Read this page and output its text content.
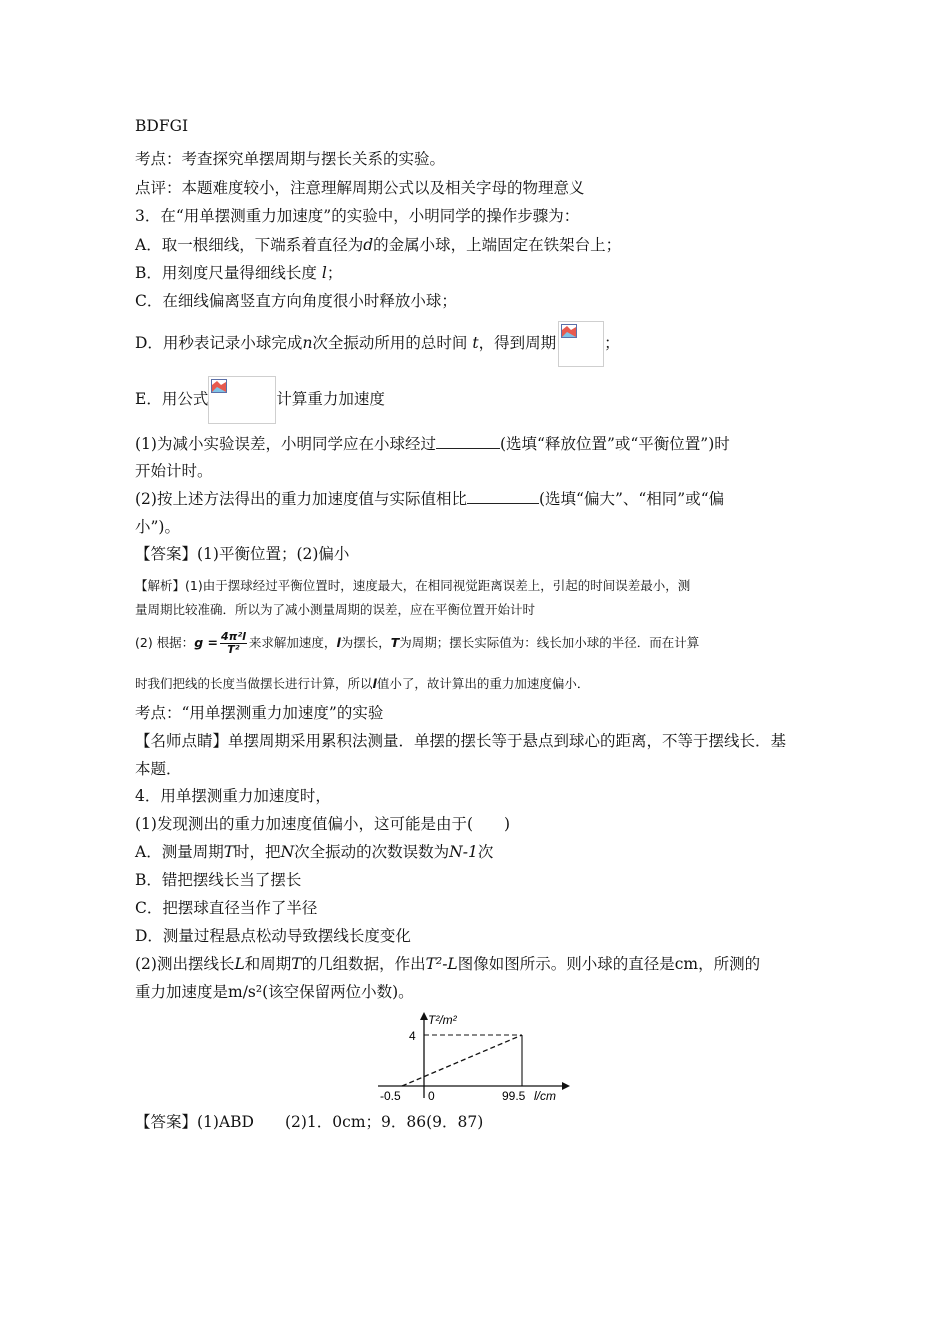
BDFGI
考点：考查探究单摆周期与摆长关系的实验。
点评：本题难度较小，注意理解周期公式以及相关字母的物理意义
3．在“用单摆测重力加速度”的实验中，小明同学的操作步骤为：
A．取一根细线，下端系着直径为d的金属小球，上端固定在铁架台上；
B．用刻度尺量得细线长度 l；
C．在细线偏离竖直方向角度很小时释放小球；
D．用秒表记录小球完成n次全振动所用的总时间 t，得到周期	；
E．用公式	计算重力加速度
(1)为减小实验误差，小明同学应在小球经过	(选填“释放位置”或“平衡位置”)时
开始计时。
(2)按上述方法得出的重力加速度值与实际值相比	(选填“偏大”、“相同”或“偏
小”)。
【答案】(1)平衡位置；(2)偏小
【解析】(1)由于摆球经过平衡位置时，速度最大，在相同视觉距离误差上，引起的时间误差最小，测
量周期比较准确．所以为了减小测量周期的误差，应在平衡位置开始计时
(2) 根据：$g = \frac{\text{4π²l}}{\text{T²}}$ 来求解加速度，l为摆长，T为周期；摆长实际值为：线长加小球的半径．而在计算
时我们把线的长度当做摆长进行计算，所以l值小了，故计算出的重力加速度偏小．
考点：“用单摆测重力加速度”的实验
【名师点睛】单摆周期采用累积法测量．单摆的摆长等于悬点到球心的距离，不等于摆线长．基
本题．
4．用单摆测重力加速度时，
(1)发现测出的重力加速度值偏小，这可能是由于(　　)
A．测量周期T时，把N次全振动的次数误数为N-1次
B．错把摆线长当了摆长
C．把摆球直径当作了半径
D．测量过程悬点松动导致摆线长度变化
(2)测出摆线长L和周期T的几组数据，作出T²-L图像如图所示。则小球的直径是cm，所测的
重力加速度是m/s²(该空保留两位小数)。
【答案】(1)ABD　　(2)1．0cm；9．86(9．87)
T²/m²
4
-0.5 0	99.5 l/cm
